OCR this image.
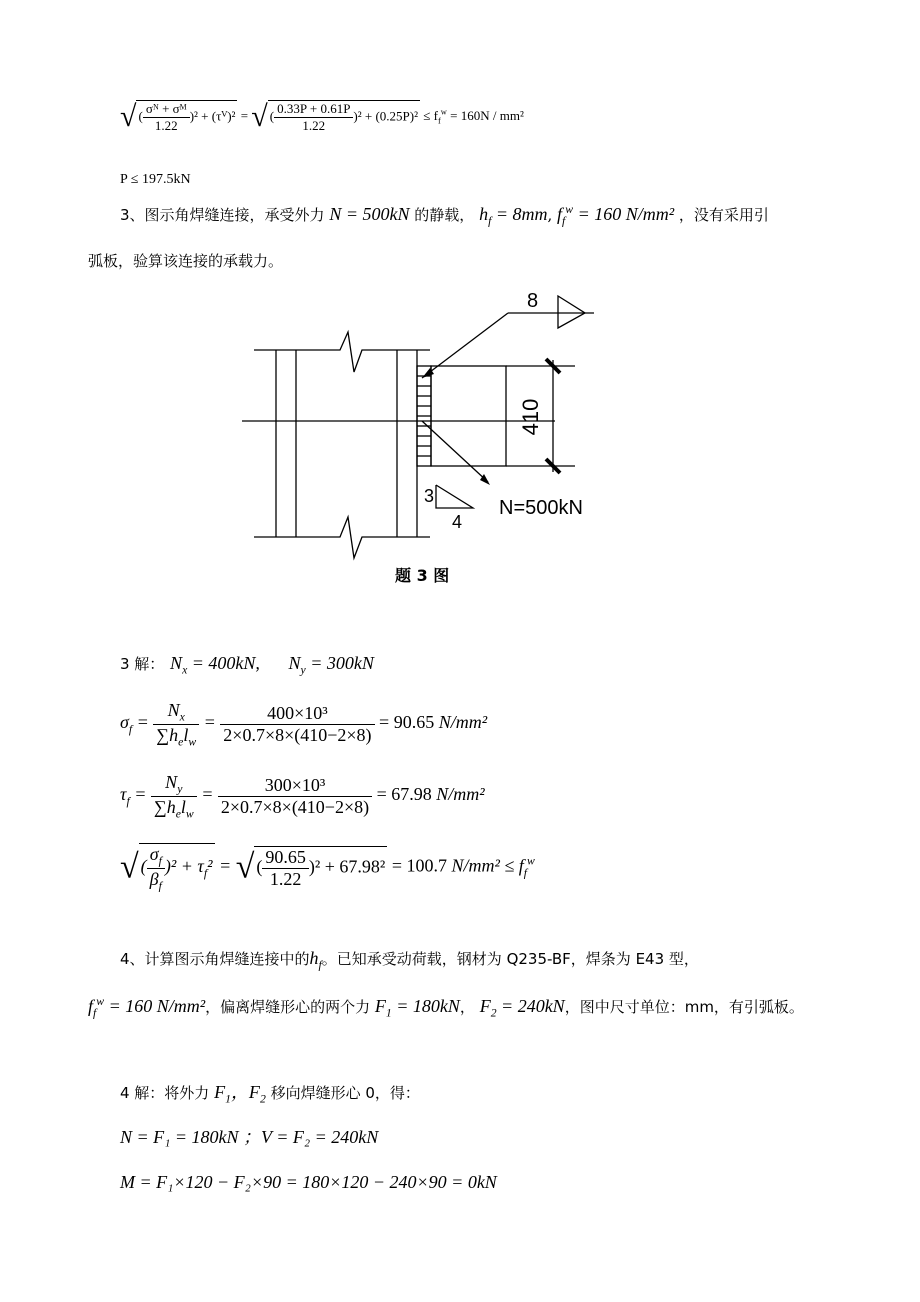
√ ( $\frac{\text{σᴺ + σᴹ}}{1.22} )^2$ + (τⱽ)² = √ ( $\frac{0.33P + 0.61P}{1.22} )^2 + (0.25P)^2 \le f_f^w = 160N / mm^2$
P ≤ 197.5kN
3、图示角焊缝连接，承受外力 N = 500kN 的静载， $h_f = 8mm$, $f_f^w = 160$ N/mm² ，没有采用引
弧板，验算该连接的承载力。
8
410
3
4
N=500kN
题 3 图
3 解： $N_x = 400kN$, $N_y = 300kN$
$\sigma_f = \frac{N_x}{\sum h_el_w} = \frac{\text{400×10³}}{2\times 0.7\times 8\times(410-2\times 8)} = 90.65$ N/mm²
$\tau_f = \frac{N_y}{\sum h_el_w} = \frac{\text{300×10³}}{2\times 0.7\times 8\times(410-2\times 8)} = 67.98$ N/mm²
√ ( $\frac{\sigma_f}{\beta_f} )^2 + \tau_f^2$ = √ ( $\frac{90.65}{1.22} )^2 + 67.98^2 = 100.7$ $N/mm^2 \le f_f^w$
4、计算图示角焊缝连接中的$h_f$。已知承受动荷载，钢材为 Q235-BF，焊条为 E43 型，
$f_f^w = 160$ N/mm²，偏离焊缝形心的两个力 $F_1 = 180kN$， $F_2 = 240kN$，图中尺寸单位：mm，有引弧板。
4 解：将外力 $F_1$，$F_2$ 移向焊缝形心 0，得：
N = F₁ = 180kN ；V = F₂ = 240kN
M = F₁×120 − F₂×90 = 180×120 − 240×90 = 0kN
